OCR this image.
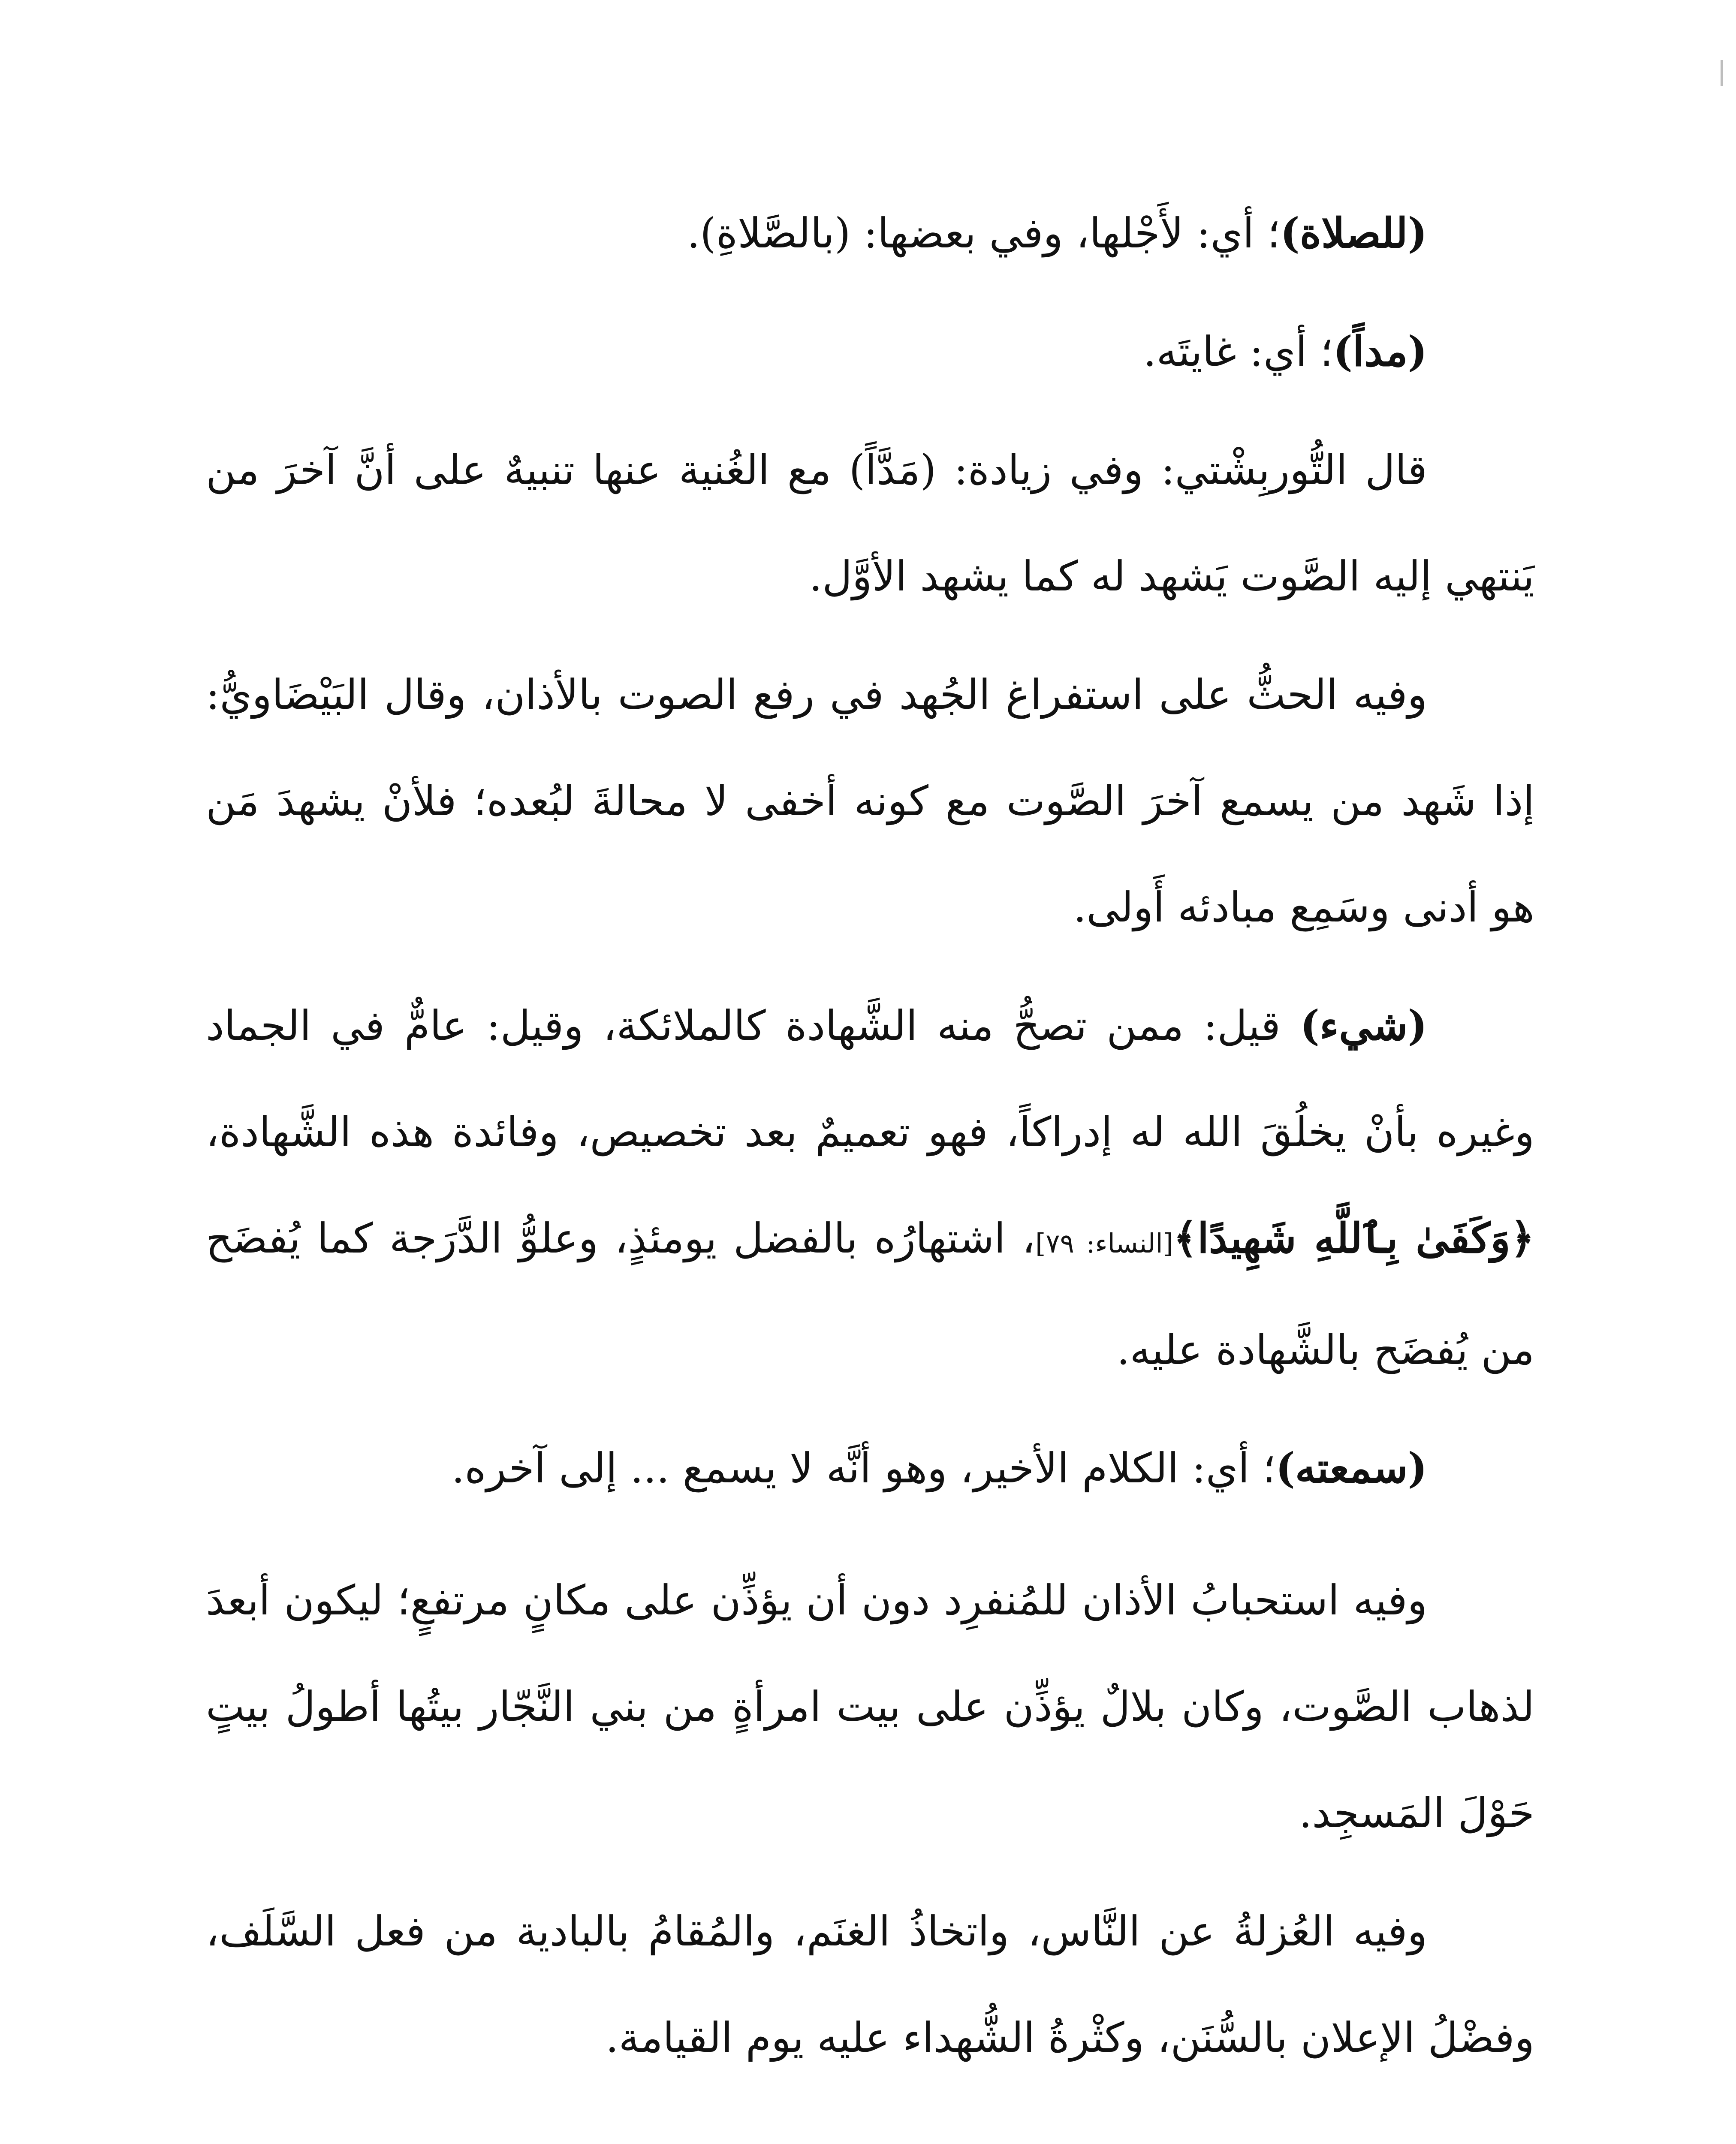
(للصلاة)؛ أي: لأَجْلها، وفي بعضها: (بالصَّلاةِ).

(مداً)؛ أي: غايتَه.

قال التُّوربِشْتي: وفي زيادة: (مَدَّاً) مع الغُنية عنها تنبيهٌ على أنَّ آخرَ من يَنتهي إليه الصَّوت يَشهد له كما يشهد الأوَّل.

وفيه الحثُّ على استفراغ الجُهد في رفع الصوت بالأذان، وقال البَيْضَاويُّ: إذا شَهد من يسمع آخرَ الصَّوت مع كونه أخفى لا محالةَ لبُعده؛ فلأنْ يشهدَ مَن هو أدنى وسَمِع مبادئه أَولى.

(شيء) قيل: ممن تصحُّ منه الشَّهادة كالملائكة، وقيل: عامٌّ في الجماد وغيره بأنْ يخلُقَ الله له إدراكاً، فهو تعميمٌ بعد تخصيص، وفائدة هذه الشَّهادة، ﴿وَكَفَىٰ بِٱللَّهِ شَهِيدًا﴾[النساء: ٧٩]، اشتهارُه بالفضل يومئذٍ، وعلوُّ الدَّرَجة كما يُفضَح من يُفضَح بالشَّهادة عليه.

(سمعته)؛ أي: الكلام الأخير، وهو أنَّه لا يسمع ... إلى آخره.

وفيه استحبابُ الأذان للمُنفرِد دون أن يؤذِّن على مكانٍ مرتفعٍ؛ ليكون أبعدَ لذهاب الصَّوت، وكان بلالٌ يؤذِّن على بيت امرأةٍ من بني النَّجّار بيتُها أطولُ بيتٍ حَوْلَ المَسجِد.

وفيه العُزلةُ عن النَّاس، واتخاذُ الغنَم، والمُقامُ بالبادية من فعل السَّلَف، وفضْلُ الإعلان بالسُّنَن، وكثْرةُ الشُّهداء عليه يوم القيامة.
